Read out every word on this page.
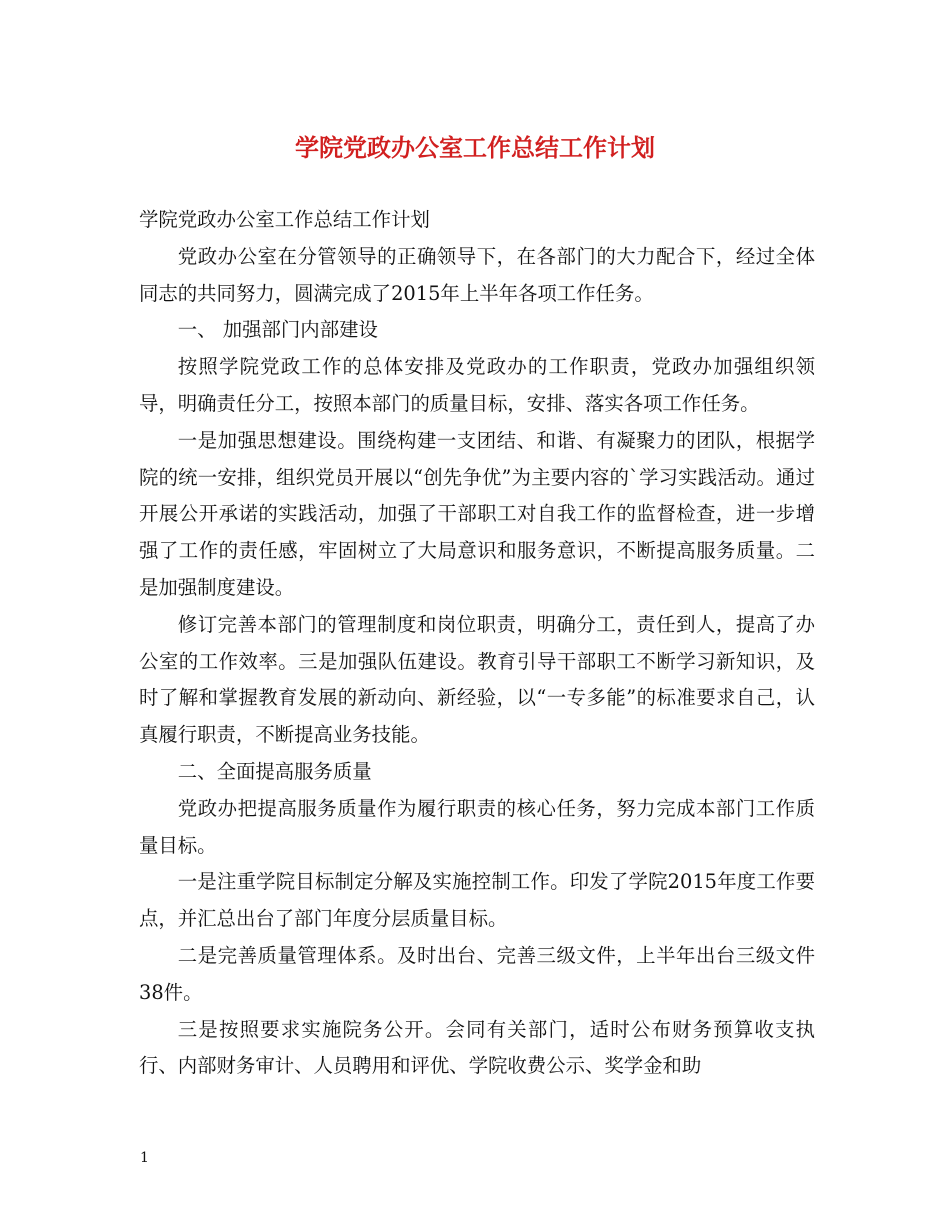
学院党政办公室工作总结工作计划

学院党政办公室工作总结工作计划

党政办公室在分管领导的正确领导下，在各部门的大力配合下，经过全体同志的共同努力，圆满完成了2015年上半年各项工作任务。

一、 加强部门内部建设

按照学院党政工作的总体安排及党政办的工作职责，党政办加强组织领导，明确责任分工，按照本部门的质量目标，安排、落实各项工作任务。

一是加强思想建设。围绕构建一支团结、和谐、有凝聚力的团队，根据学院的统一安排，组织党员开展以“创先争优”为主要内容的`学习实践活动。通过开展公开承诺的实践活动，加强了干部职工对自我工作的监督检查，进一步增强了工作的责任感，牢固树立了大局意识和服务意识，不断提高服务质量。二是加强制度建设。

修订完善本部门的管理制度和岗位职责，明确分工，责任到人，提高了办公室的工作效率。三是加强队伍建设。教育引导干部职工不断学习新知识，及时了解和掌握教育发展的新动向、新经验，以“一专多能”的标准要求自己，认真履行职责，不断提高业务技能。

二、全面提高服务质量

党政办把提高服务质量作为履行职责的核心任务，努力完成本部门工作质量目标。

一是注重学院目标制定分解及实施控制工作。印发了学院2015年度工作要点，并汇总出台了部门年度分层质量目标。

二是完善质量管理体系。及时出台、完善三级文件，上半年出台三级文件38件。

三是按照要求实施院务公开。会同有关部门，适时公布财务预算收支执行、内部财务审计、人员聘用和评优、学院收费公示、奖学金和助

1
